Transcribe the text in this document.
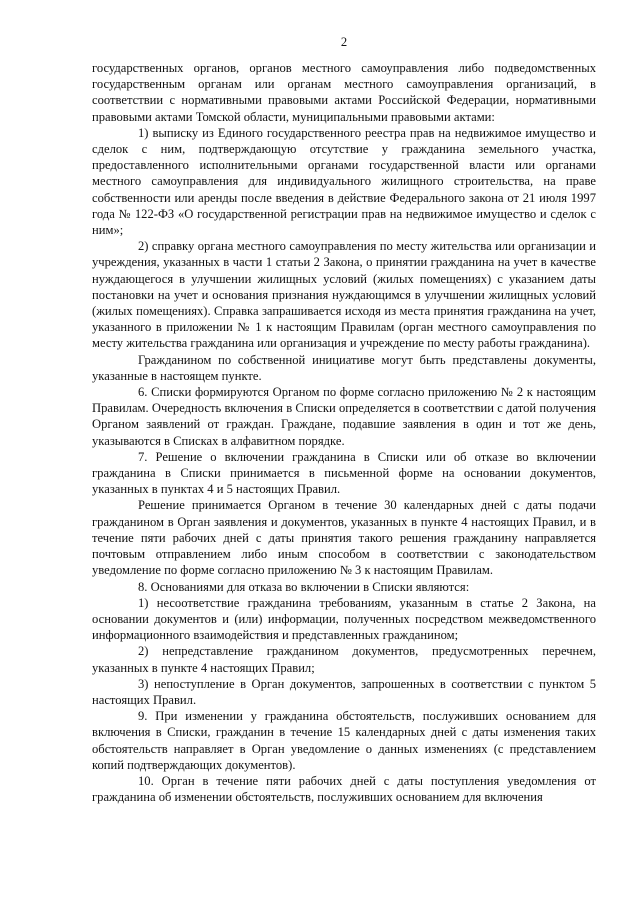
2

государственных органов, органов местного самоуправления либо подведомственных государственным органам или органам местного самоуправления организаций, в соответствии с нормативными правовыми актами Российской Федерации, нормативными правовыми актами Томской области, муниципальными правовыми актами:

1) выписку из Единого государственного реестра прав на недвижимое имущество и сделок с ним, подтверждающую отсутствие у гражданина земельного участка, предоставленного исполнительными органами государственной власти или органами местного самоуправления для индивидуального жилищного строительства, на праве собственности или аренды после введения в действие Федерального закона от 21 июля 1997 года № 122-ФЗ «О государственной регистрации прав на недвижимое имущество и сделок с ним»;

2) справку органа местного самоуправления по месту жительства или организации и учреждения, указанных в части 1 статьи 2 Закона, о принятии гражданина на учет в качестве нуждающегося в улучшении жилищных условий (жилых помещениях) с указанием даты постановки на учет и основания признания нуждающимся в улучшении жилищных условий (жилых помещениях). Справка запрашивается исходя из места принятия гражданина на учет, указанного в приложении № 1 к настоящим Правилам (орган местного самоуправления по месту жительства гражданина или организация и учреждение по месту работы гражданина).

Гражданином по собственной инициативе могут быть представлены документы, указанные в настоящем пункте.

6. Списки формируются Органом по форме согласно приложению № 2 к настоящим Правилам. Очередность включения в Списки определяется в соответствии с датой получения Органом заявлений от граждан. Граждане, подавшие заявления в один и тот же день, указываются в Списках в алфавитном порядке.

7. Решение о включении гражданина в Списки или об отказе во включении гражданина в Списки принимается в письменной форме на основании документов, указанных в пунктах 4 и 5 настоящих Правил.

Решение принимается Органом в течение 30 календарных дней с даты подачи гражданином в Орган заявления и документов, указанных в пункте 4 настоящих Правил, и в течение пяти рабочих дней с даты принятия такого решения гражданину направляется почтовым отправлением либо иным способом в соответствии с законодательством уведомление по форме согласно приложению № 3 к настоящим Правилам.

8. Основаниями для отказа во включении в Списки являются:

1) несоответствие гражданина требованиям, указанным в статье 2 Закона, на основании документов и (или) информации, полученных посредством межведомственного информационного взаимодействия и представленных гражданином;

2) непредставление гражданином документов, предусмотренных перечнем, указанных в пункте 4 настоящих Правил;

3) непоступление в Орган документов, запрошенных в соответствии с пунктом 5 настоящих Правил.

9. При изменении у гражданина обстоятельств, послуживших основанием для включения в Списки, гражданин в течение 15 календарных дней с даты изменения таких обстоятельств направляет в Орган уведомление о данных изменениях (с представлением копий подтверждающих документов).

10. Орган в течение пяти рабочих дней с даты поступления уведомления от гражданина об изменении обстоятельств, послуживших основанием для включения
